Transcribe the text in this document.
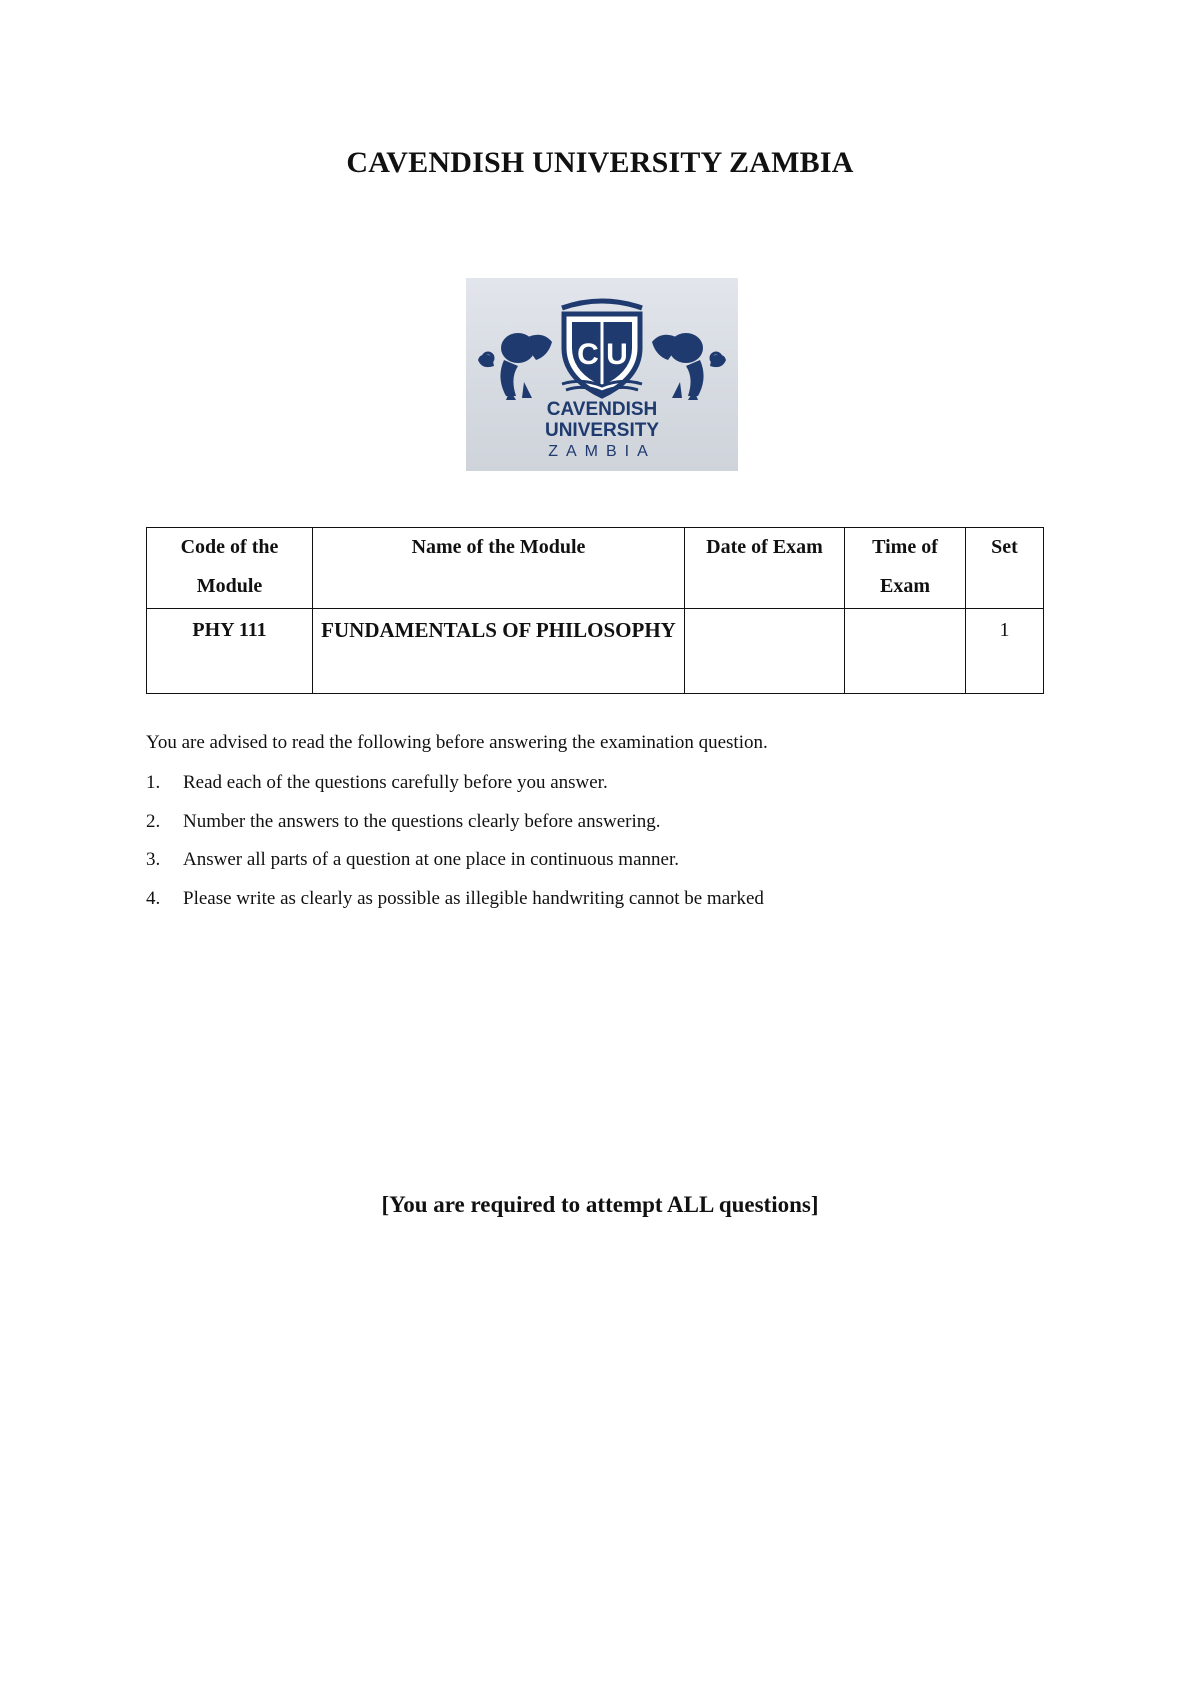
CAVENDISH UNIVERSITY ZAMBIA
C U
CAVENDISH
UNIVERSITY
ZAMBIA
Code of the Module	Name of the Module	Date of Exam	Time of Exam	Set
PHY 111	FUNDAMENTALS OF PHILOSOPHY			1
You are advised to read the following before answering the examination question.
1. Read each of the questions carefully before you answer.
2. Number the answers to the questions clearly before answering.
3. Answer all parts of a question at one place in continuous manner.
4. Please write as clearly as possible as illegible handwriting cannot be marked
[You are required to attempt ALL questions]
